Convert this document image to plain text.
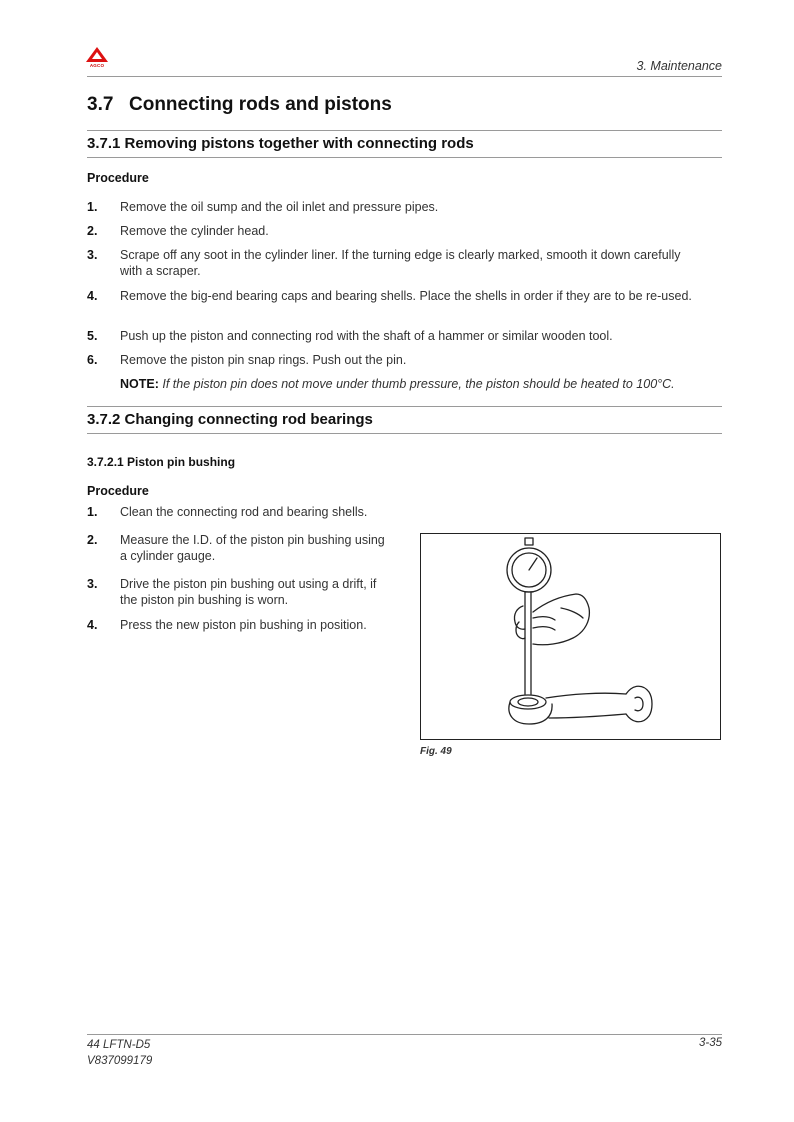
AGCO	3. Maintenance
3.7 Connecting rods and pistons
3.7.1 Removing pistons together with connecting rods
Procedure
1. Remove the oil sump and the oil inlet and pressure pipes.
2. Remove the cylinder head.
3. Scrape off any soot in the cylinder liner. If the turning edge is clearly marked, smooth it down carefully with a scraper.
4. Remove the big-end bearing caps and bearing shells. Place the shells in order if they are to be re-used.
5. Push up the piston and connecting rod with the shaft of a hammer or similar wooden tool.
6. Remove the piston pin snap rings. Push out the pin.
NOTE: If the piston pin does not move under thumb pressure, the piston should be heated to 100°C.
3.7.2 Changing connecting rod bearings
3.7.2.1 Piston pin bushing
Procedure
1. Clean the connecting rod and bearing shells.
2. Measure the I.D. of the piston pin bushing using a cylinder gauge.
3. Drive the piston pin bushing out using a drift, if the piston pin bushing is worn.
4. Press the new piston pin bushing in position.
Fig. 49
44 LFTN-D5
V837099179
3-35
